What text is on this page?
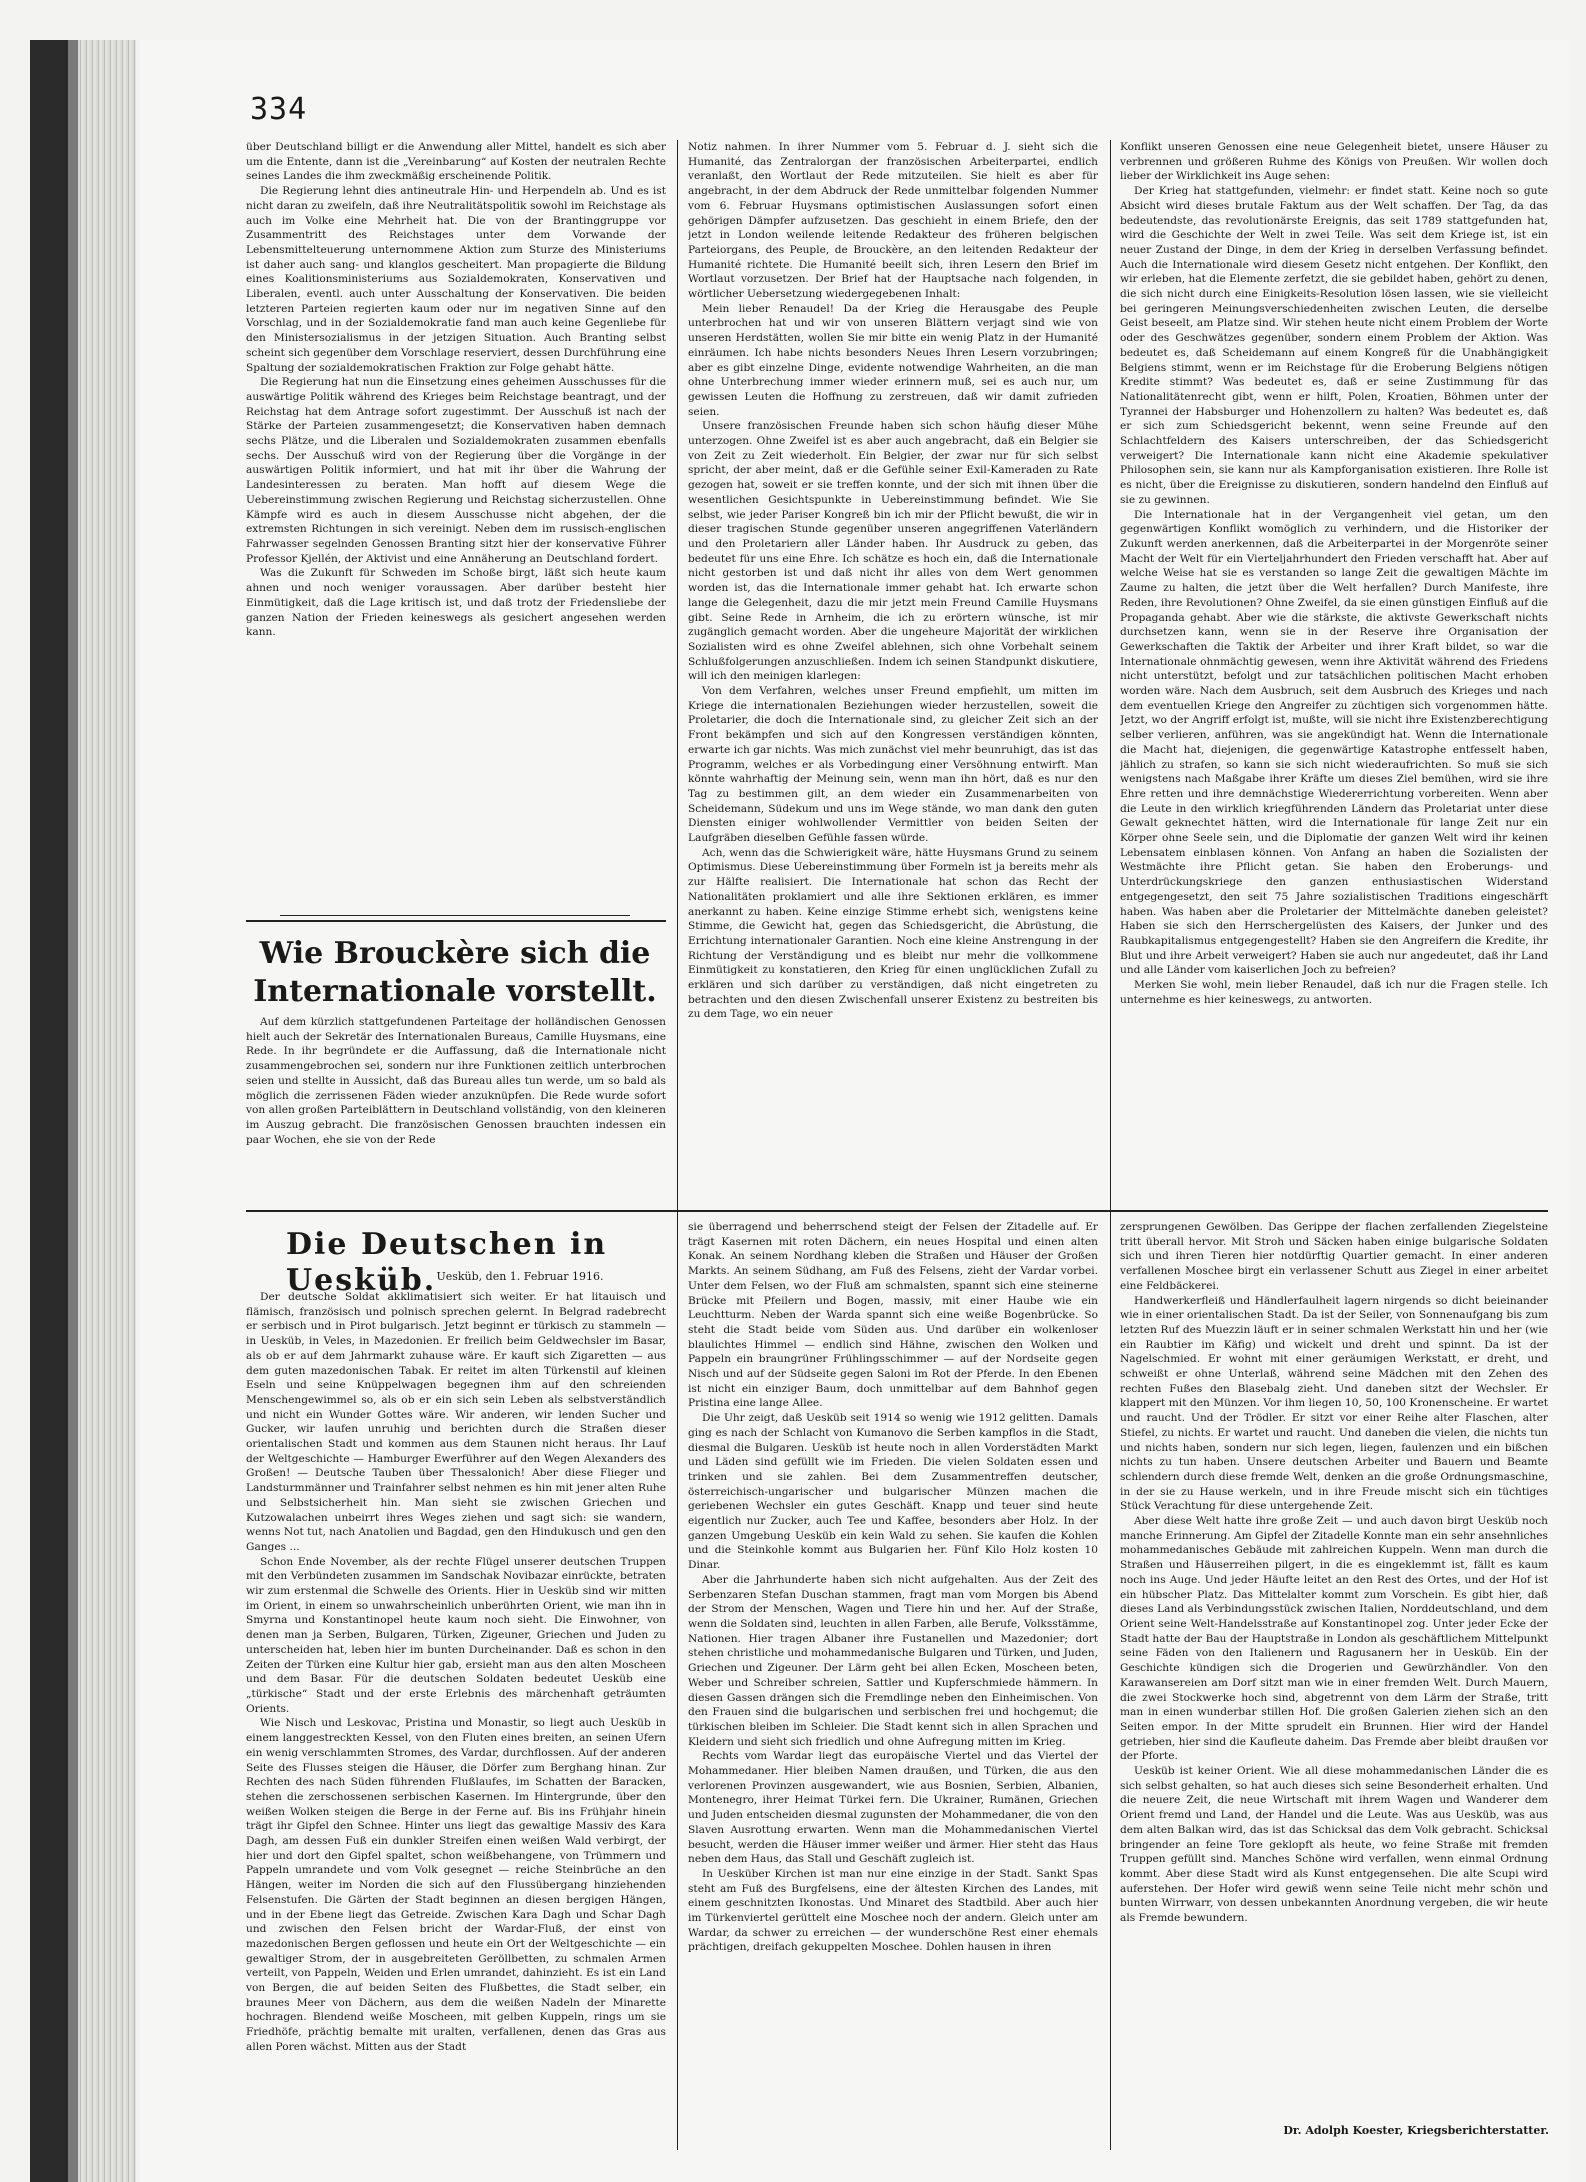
334

über Deutschland billigt er die Anwendung aller Mittel, handelt es sich aber um die Entente, dann ist die „Vereinbarung“ auf Kosten der neutralen Rechte seines Landes die ihm zweckmäßig erscheinende Politik.

Die Regierung lehnt dies antineutrale Hin- und Herpendeln ab. Und es ist nicht daran zu zweifeln, daß ihre Neutralitätspolitik sowohl im Reichstage als auch im Volke eine Mehrheit hat. Die von der Brantinggruppe vor Zusammentritt des Reichstages unter dem Vorwande der Lebensmittelteuerung unternommene Aktion zum Sturze des Ministeriums ist daher auch sang- und klanglos gescheitert. Man propagierte die Bildung eines Koalitionsministeriums aus Sozialdemokraten, Konservativen und Liberalen, eventl. auch unter Ausschaltung der Konservativen. Die beiden letzteren Parteien regierten kaum oder nur im negativen Sinne auf den Vorschlag, und in der Sozialdemokratie fand man auch keine Gegenliebe für den Ministersozialismus in der jetzigen Situation. Auch Branting selbst scheint sich gegenüber dem Vorschlage reserviert, dessen Durchführung eine Spaltung der sozialdemokratischen Fraktion zur Folge gehabt hätte.

Die Regierung hat nun die Einsetzung eines geheimen Ausschusses für die auswärtige Politik während des Krieges beim Reichstage beantragt, und der Reichstag hat dem Antrage sofort zugestimmt. Der Ausschuß ist nach der Stärke der Parteien zusammengesetzt; die Konservativen haben demnach sechs Plätze, und die Liberalen und Sozialdemokraten zusammen ebenfalls sechs. Der Ausschuß wird von der Regierung über die Vorgänge in der auswärtigen Politik informiert, und hat mit ihr über die Wahrung der Landesinteressen zu beraten. Man hofft auf diesem Wege die Uebereinstimmung zwischen Regierung und Reichstag sicherzustellen. Ohne Kämpfe wird es auch in diesem Ausschusse nicht abgehen, der die extremsten Richtungen in sich vereinigt. Neben dem im russisch-englischen Fahrwasser segelnden Genossen Branting sitzt hier der konservative Führer Professor Kjellén, der Aktivist und eine Annäherung an Deutschland fordert.

Was die Zukunft für Schweden im Schoße birgt, läßt sich heute kaum ahnen und noch weniger voraussagen. Aber darüber besteht hier Einmütigkeit, daß die Lage kritisch ist, und daß trotz der Friedensliebe der ganzen Nation der Frieden keineswegs als gesichert angesehen werden kann.

Wie Brouckère sich die Internationale vorstellt.

Auf dem kürzlich stattgefundenen Parteitage der holländischen Genossen hielt auch der Sekretär des Internationalen Bureaus, Camille Huysmans, eine Rede. In ihr begründete er die Auffassung, daß die Internationale nicht zusammengebrochen sei, sondern nur ihre Funktionen zeitlich unterbrochen seien und stellte in Aussicht, daß das Bureau alles tun werde, um so bald als möglich die zerrissenen Fäden wieder anzuknüpfen. Die Rede wurde sofort von allen großen Parteiblättern in Deutschland vollständig, von den kleineren im Auszug gebracht. Die französischen Genossen brauchten indessen ein paar Wochen, ehe sie von der Rede

Notiz nahmen. In ihrer Nummer vom 5. Februar d. J. sieht sich die Humanité, das Zentralorgan der französischen Arbeiterpartei, endlich veranlaßt, den Wortlaut der Rede mitzuteilen. Sie hielt es aber für angebracht, in der dem Abdruck der Rede unmittelbar folgenden Nummer vom 6. Februar Huysmans optimistischen Auslassungen sofort einen gehörigen Dämpfer aufzusetzen. Das geschieht in einem Briefe, den der jetzt in London weilende leitende Redakteur des früheren belgischen Parteiorgans, des Peuple, de Brouckère, an den leitenden Redakteur der Humanité richtete. Die Humanité beeilt sich, ihren Lesern den Brief im Wortlaut vorzusetzen. Der Brief hat der Hauptsache nach folgenden, in wörtlicher Uebersetzung wiedergegebenen Inhalt:

Mein lieber Renaudel! Da der Krieg die Herausgabe des Peuple unterbrochen hat und wir von unseren Blättern verjagt sind wie von unseren Herdstätten, wollen Sie mir bitte ein wenig Platz in der Humanité einräumen. Ich habe nichts besonders Neues Ihren Lesern vorzubringen; aber es gibt einzelne Dinge, evidente notwendige Wahrheiten, an die man ohne Unterbrechung immer wieder erinnern muß, sei es auch nur, um gewissen Leuten die Hoffnung zu zerstreuen, daß wir damit zufrieden seien.

Unsere französischen Freunde haben sich schon häufig dieser Mühe unterzogen. Ohne Zweifel ist es aber auch angebracht, daß ein Belgier sie von Zeit zu Zeit wiederholt. Ein Belgier, der zwar nur für sich selbst spricht, der aber meint, daß er die Gefühle seiner Exil-Kameraden zu Rate gezogen hat, soweit er sie treffen konnte, und der sich mit ihnen über die wesentlichen Gesichtspunkte in Uebereinstimmung befindet. Wie Sie selbst, wie jeder Pariser Kongreß bin ich mir der Pflicht bewußt, die wir in dieser tragischen Stunde gegenüber unseren angegriffenen Vaterländern und den Proletariern aller Länder haben. Ihr Ausdruck zu geben, das bedeutet für uns eine Ehre. Ich schätze es hoch ein, daß die Internationale nicht gestorben ist und daß nicht ihr alles von dem Wert genommen worden ist, das die Internationale immer gehabt hat. Ich erwarte schon lange die Gelegenheit, dazu die mir jetzt mein Freund Camille Huysmans gibt. Seine Rede in Arnheim, die ich zu erörtern wünsche, ist mir zugänglich gemacht worden. Aber die ungeheure Majorität der wirklichen Sozialisten wird es ohne Zweifel ablehnen, sich ohne Vorbehalt seinem Schlußfolgerungen anzuschließen. Indem ich seinen Standpunkt diskutiere, will ich den meinigen klarlegen:

Von dem Verfahren, welches unser Freund empfiehlt, um mitten im Kriege die internationalen Beziehungen wieder herzustellen, soweit die Proletarier, die doch die Internationale sind, zu gleicher Zeit sich an der Front bekämpfen und sich auf den Kongressen verständigen könnten, erwarte ich gar nichts. Was mich zunächst viel mehr beunruhigt, das ist das Programm, welches er als Vorbedingung einer Versöhnung entwirft. Man könnte wahrhaftig der Meinung sein, wenn man ihn hört, daß es nur den Tag zu bestimmen gilt, an dem wieder ein Zusammenarbeiten von Scheidemann, Südekum und uns im Wege stände, wo man dank den guten Diensten einiger wohlwollender Vermittler von beiden Seiten der Laufgräben dieselben Gefühle fassen würde.

Ach, wenn das die Schwierigkeit wäre, hätte Huysmans Grund zu seinem Optimismus. Diese Uebereinstimmung über Formeln ist ja bereits mehr als zur Hälfte realisiert. Die Internationale hat schon das Recht der Nationalitäten proklamiert und alle ihre Sektionen erklären, es immer anerkannt zu haben. Keine einzige Stimme erhebt sich, wenigstens keine Stimme, die Gewicht hat, gegen das Schiedsgericht, die Abrüstung, die Errichtung internationaler Garantien. Noch eine kleine Anstrengung in der Richtung der Verständigung und es bleibt nur mehr die vollkommene Einmütigkeit zu konstatieren, den Krieg für einen unglücklichen Zufall zu erklären und sich darüber zu verständigen, daß nicht eingetreten zu betrachten und den diesen Zwischenfall unserer Existenz zu bestreiten bis zu dem Tage, wo ein neuer

Konflikt unseren Genossen eine neue Gelegenheit bietet, unsere Häuser zu verbrennen und größeren Ruhme des Königs von Preußen. Wir wollen doch lieber der Wirklichkeit ins Auge sehen:

Der Krieg hat stattgefunden, vielmehr: er findet statt. Keine noch so gute Absicht wird dieses brutale Faktum aus der Welt schaffen. Der Tag, da das bedeutendste, das revolutionärste Ereignis, das seit 1789 stattgefunden hat, wird die Geschichte der Welt in zwei Teile. Was seit dem Kriege ist, ist ein neuer Zustand der Dinge, in dem der Krieg in derselben Verfassung befindet. Auch die Internationale wird diesem Gesetz nicht entgehen. Der Konflikt, den wir erleben, hat die Elemente zerfetzt, die sie gebildet haben, gehört zu denen, die sich nicht durch eine Einigkeits-Resolution lösen lassen, wie sie vielleicht bei geringeren Meinungsverschiedenheiten zwischen Leuten, die derselbe Geist beseelt, am Platze sind. Wir stehen heute nicht einem Problem der Worte oder des Geschwätzes gegenüber, sondern einem Problem der Aktion. Was bedeutet es, daß Scheidemann auf einem Kongreß für die Unabhängigkeit Belgiens stimmt, wenn er im Reichstage für die Eroberung Belgiens nötigen Kredite stimmt? Was bedeutet es, daß er seine Zustimmung für das Nationalitätenrecht gibt, wenn er hilft, Polen, Kroatien, Böhmen unter der Tyrannei der Habsburger und Hohenzollern zu halten? Was bedeutet es, daß er sich zum Schiedsgericht bekennt, wenn seine Freunde auf den Schlachtfeldern des Kaisers unterschreiben, der das Schiedsgericht verweigert? Die Internationale kann nicht eine Akademie spekulativer Philosophen sein, sie kann nur als Kampforganisation existieren. Ihre Rolle ist es nicht, über die Ereignisse zu diskutieren, sondern handelnd den Einfluß auf sie zu gewinnen.

Die Internationale hat in der Vergangenheit viel getan, um den gegenwärtigen Konflikt womöglich zu verhindern, und die Historiker der Zukunft werden anerkennen, daß die Arbeiterpartei in der Morgenröte seiner Macht der Welt für ein Vierteljahrhundert den Frieden verschafft hat. Aber auf welche Weise hat sie es verstanden so lange Zeit die gewaltigen Mächte im Zaume zu halten, die jetzt über die Welt herfallen? Durch Manifeste, ihre Reden, ihre Revolutionen? Ohne Zweifel, da sie einen günstigen Einfluß auf die Propaganda gehabt. Aber wie die stärkste, die aktivste Gewerkschaft nichts durchsetzen kann, wenn sie in der Reserve ihre Organisation der Gewerkschaften die Taktik der Arbeiter und ihrer Kraft bildet, so war die Internationale ohnmächtig gewesen, wenn ihre Aktivität während des Friedens nicht unterstützt, befolgt und zur tatsächlichen politischen Macht erhoben worden wäre. Nach dem Ausbruch, seit dem Ausbruch des Krieges und nach dem eventuellen Kriege den Angreifer zu züchtigen sich vorgenommen hätte. Jetzt, wo der Angriff erfolgt ist, mußte, will sie nicht ihre Existenzberechtigung selber verlieren, anführen, was sie angekündigt hat. Wenn die Internationale die Macht hat, diejenigen, die gegenwärtige Katastrophe entfesselt haben, jählich zu strafen, so kann sie sich nicht wiederaufrichten. So muß sie sich wenigstens nach Maßgabe ihrer Kräfte um dieses Ziel bemühen, wird sie ihre Ehre retten und ihre demnächstige Wiedererrichtung vorbereiten. Wenn aber die Leute in den wirklich kriegführenden Ländern das Proletariat unter diese Gewalt geknechtet hätten, wird die Internationale für lange Zeit nur ein Körper ohne Seele sein, und die Diplomatie der ganzen Welt wird ihr keinen Lebensatem einblasen können. Von Anfang an haben die Sozialisten der Westmächte ihre Pflicht getan. Sie haben den Eroberungs- und Unterdrückungskriege den ganzen enthusiastischen Widerstand entgegengesetzt, den seit 75 Jahre sozialistischen Traditions eingeschärft haben. Was haben aber die Proletarier der Mittelmächte daneben geleistet? Haben sie sich den Herrschergelüsten des Kaisers, der Junker und des Raubkapitalismus entgegengestellt? Haben sie den Angreifern die Kredite, ihr Blut und ihre Arbeit verweigert? Haben sie auch nur angedeutet, daß ihr Land und alle Länder vom kaiserlichen Joch zu befreien?

Merken Sie wohl, mein lieber Renaudel, daß ich nur die Fragen stelle. Ich unternehme es hier keineswegs, zu antworten.

Die Deutschen in Uesküb. Uesküb, den 1. Februar 1916.

Der deutsche Soldat akklimatisiert sich weiter. Er hat litauisch und flämisch, französisch und polnisch sprechen gelernt. In Belgrad radebrecht er serbisch und in Pirot bulgarisch. Jetzt beginnt er türkisch zu stammeln — in Uesküb, in Veles, in Mazedonien. Er freilich beim Geldwechsler im Basar, als ob er auf dem Jahrmarkt zuhause wäre. Er kauft sich Zigaretten — aus dem guten mazedonischen Tabak. Er reitet im alten Türkenstil auf kleinen Eseln und seine Knüppelwagen begegnen ihm auf den schreienden Menschengewimmel so, als ob er ein sich sein Leben als selbstverständlich und nicht ein Wunder Gottes wäre. Wir anderen, wir lenden Sucher und Gucker, wir laufen unruhig und berichten durch die Straßen dieser orientalischen Stadt und kommen aus dem Staunen nicht heraus. Ihr Lauf der Weltgeschichte — Hamburger Ewerführer auf den Wegen Alexanders des Großen! — Deutsche Tauben über Thessalonich! Aber diese Flieger und Landsturmmänner und Trainfahrer selbst nehmen es hin mit jener alten Ruhe und Selbstsicherheit hin. Man sieht sie zwischen Griechen und Kutzowalachen unbeirrt ihres Weges ziehen und sagt sich: sie wandern, wenns Not tut, nach Anatolien und Bagdad, gen den Hindukusch und gen den Ganges ...

Schon Ende November, als der rechte Flügel unserer deutschen Truppen mit den Verbündeten zusammen im Sandschak Novibazar einrückte, betraten wir zum erstenmal die Schwelle des Orients. Hier in Uesküb sind wir mitten im Orient, in einem so unwahrscheinlich unberührten Orient, wie man ihn in Smyrna und Konstantinopel heute kaum noch sieht. Die Einwohner, von denen man ja Serben, Bulgaren, Türken, Zigeuner, Griechen und Juden zu unterscheiden hat, leben hier im bunten Durcheinander. Daß es schon in den Zeiten der Türken eine Kultur hier gab, ersieht man aus den alten Moscheen und dem Basar. Für die deutschen Soldaten bedeutet Uesküb eine „türkische“ Stadt und der erste Erlebnis des märchenhaft geträumten Orients.

Wie Nisch und Leskovac, Pristina und Monastir, so liegt auch Uesküb in einem langgestreckten Kessel, von den Fluten eines breiten, an seinen Ufern ein wenig verschlammten Stromes, des Vardar, durchflossen. Auf der anderen Seite des Flusses steigen die Häuser, die Dörfer zum Berghang hinan. Zur Rechten des nach Süden führenden Flußlaufes, im Schatten der Baracken, stehen die zerschossenen serbischen Kasernen. Im Hintergrunde, über den weißen Wolken steigen die Berge in der Ferne auf. Bis ins Frühjahr hinein trägt ihr Gipfel den Schnee. Hinter uns liegt das gewaltige Massiv des Kara Dagh, am dessen Fuß ein dunkler Streifen einen weißen Wald verbirgt, der hier und dort den Gipfel spaltet, schon weißbehangene, von Trümmern und Pappeln umrandete und vom Volk gesegnet — reiche Steinbrüche an den Hängen, weiter im Norden die sich auf den Flussübergang hinziehenden Felsenstufen. Die Gärten der Stadt beginnen an diesen bergigen Hängen, und in der Ebene liegt das Getreide. Zwischen Kara Dagh und Schar Dagh und zwischen den Felsen bricht der Wardar-Fluß, der einst von mazedonischen Bergen geflossen und heute ein Ort der Weltgeschichte — ein gewaltiger Strom, der in ausgebreiteten Geröllbetten, zu schmalen Armen verteilt, von Pappeln, Weiden und Erlen umrandet, dahinzieht. Es ist ein Land von Bergen, die auf beiden Seiten des Flußbettes, die Stadt selber, ein braunes Meer von Dächern, aus dem die weißen Nadeln der Minarette hochragen. Blendend weiße Moscheen, mit gelben Kuppeln, rings um sie Friedhöfe, prächtig bemalte mit uralten, verfallenen, denen das Gras aus allen Poren wächst. Mitten aus der Stadt

sie überragend und beherrschend steigt der Felsen der Zitadelle auf. Er trägt Kasernen mit roten Dächern, ein neues Hospital und einen alten Konak. An seinem Nordhang kleben die Straßen und Häuser der Großen Markts. An seinem Südhang, am Fuß des Felsens, zieht der Vardar vorbei. Unter dem Felsen, wo der Fluß am schmalsten, spannt sich eine steinerne Brücke mit Pfeilern und Bogen, massiv, mit einer Haube wie ein Leuchtturm. Neben der Warda spannt sich eine weiße Bogenbrücke. So steht die Stadt beide vom Süden aus. Und darüber ein wolkenloser blaulichtes Himmel — endlich sind Hähne, zwischen den Wolken und Pappeln ein braungrüner Frühlingsschimmer — auf der Nordseite gegen Nisch und auf der Südseite gegen Saloni im Rot der Pferde. In den Ebenen ist nicht ein einziger Baum, doch unmittelbar auf dem Bahnhof gegen Pristina eine lange Allee.

Die Uhr zeigt, daß Uesküb seit 1914 so wenig wie 1912 gelitten. Damals ging es nach der Schlacht von Kumanovo die Serben kampflos in die Stadt, diesmal die Bulgaren. Uesküb ist heute noch in allen Vorderstädten Markt und Läden sind gefüllt wie im Frieden. Die vielen Soldaten essen und trinken und sie zahlen. Bei dem Zusammentreffen deutscher, österreichisch-ungarischer und bulgarischer Münzen machen die geriebenen Wechsler ein gutes Geschäft. Knapp und teuer sind heute eigentlich nur Zucker, auch Tee und Kaffee, besonders aber Holz. In der ganzen Umgebung Uesküb ein kein Wald zu sehen. Sie kaufen die Kohlen und die Steinkohle kommt aus Bulgarien her. Fünf Kilo Holz kosten 10 Dinar.

Aber die Jahrhunderte haben sich nicht aufgehalten. Aus der Zeit des Serbenzaren Stefan Duschan stammen, fragt man vom Morgen bis Abend der Strom der Menschen, Wagen und Tiere hin und her. Auf der Straße, wenn die Soldaten sind, leuchten in allen Farben, alle Berufe, Volksstämme, Nationen. Hier tragen Albaner ihre Fustanellen und Mazedonier; dort stehen christliche und mohammedanische Bulgaren und Türken, und Juden, Griechen und Zigeuner. Der Lärm geht bei allen Ecken, Moscheen beten, Weber und Schreiber schreien, Sattler und Kupferschmiede hämmern. In diesen Gassen drängen sich die Fremdlinge neben den Einheimischen. Von den Frauen sind die bulgarischen und serbischen frei und hochgemut; die türkischen bleiben im Schleier. Die Stadt kennt sich in allen Sprachen und Kleidern und sieht sich friedlich und ohne Aufregung mitten im Krieg.

Rechts vom Wardar liegt das europäische Viertel und das Viertel der Mohammedaner. Hier bleiben Namen draußen, und Türken, die aus den verlorenen Provinzen ausgewandert, wie aus Bosnien, Serbien, Albanien, Montenegro, ihrer Heimat Türkei fern. Die Ukrainer, Rumänen, Griechen und Juden entscheiden diesmal zugunsten der Mohammedaner, die von den Slaven Ausrottung erwarten. Wenn man die Mohammedanischen Viertel besucht, werden die Häuser immer weißer und ärmer. Hier steht das Haus neben dem Haus, das Stall und Geschäft zugleich ist.

In Uesküber Kirchen ist man nur eine einzige in der Stadt. Sankt Spas steht am Fuß des Burgfelsens, eine der ältesten Kirchen des Landes, mit einem geschnitzten Ikonostas. Und Minaret des Stadtbild. Aber auch hier im Türkenviertel gerüttelt eine Moschee noch der andern. Gleich unter am Wardar, da schwer zu erreichen — der wunderschöne Rest einer ehemals prächtigen, dreifach gekuppelten Moschee. Dohlen hausen in ihren

zersprungenen Gewölben. Das Gerippe der flachen zerfallenden Ziegelsteine tritt überall hervor. Mit Stroh und Säcken haben einige bulgarische Soldaten sich und ihren Tieren hier notdürftig Quartier gemacht. In einer anderen verfallenen Moschee birgt ein verlassener Schutt aus Ziegel in einer arbeitet eine Feldbäckerei.

Handwerkerfleiß und Händlerfaulheit lagern nirgends so dicht beieinander wie in einer orientalischen Stadt. Da ist der Seiler, von Sonnenaufgang bis zum letzten Ruf des Muezzin läuft er in seiner schmalen Werkstatt hin und her (wie ein Raubtier im Käfig) und wickelt und dreht und spinnt. Da ist der Nagelschmied. Er wohnt mit einer geräumigen Werkstatt, er dreht, und schweißt er ohne Unterlaß, während seine Mädchen mit den Zehen des rechten Fußes den Blasebalg zieht. Und daneben sitzt der Wechsler. Er klappert mit den Münzen. Vor ihm liegen 10, 50, 100 Kronenscheine. Er wartet und raucht. Und der Trödler. Er sitzt vor einer Reihe alter Flaschen, alter Stiefel, zu nichts. Er wartet und raucht. Und daneben die vielen, die nichts tun und nichts haben, sondern nur sich legen, liegen, faulenzen und ein bißchen nichts zu tun haben. Unsere deutschen Arbeiter und Bauern und Beamte schlendern durch diese fremde Welt, denken an die große Ordnungsmaschine, in der sie zu Hause werkeln, und in ihre Freude mischt sich ein tüchtiges Stück Verachtung für diese untergehende Zeit.

Aber diese Welt hatte ihre große Zeit — und auch davon birgt Uesküb noch manche Erinnerung. Am Gipfel der Zitadelle Konnte man ein sehr ansehnliches mohammedanisches Gebäude mit zahlreichen Kuppeln. Wenn man durch die Straßen und Häuserreihen pilgert, in die es eingeklemmt ist, fällt es kaum noch ins Auge. Und jeder Häufte leitet an den Rest des Ortes, und der Hof ist ein hübscher Platz. Das Mittelalter kommt zum Vorschein. Es gibt hier, daß dieses Land als Verbindungsstück zwischen Italien, Norddeutschland, und dem Orient seine Welt-Handelsstraße auf Konstantinopel zog. Unter jeder Ecke der Stadt hatte der Bau der Hauptstraße in London als geschäftlichem Mittelpunkt seine Fäden von den Italienern und Ragusanern her in Uesküb. Ein der Geschichte kündigen sich die Drogerien und Gewürzhändler. Von den Karawansereien am Dorf sitzt man wie in einer fremden Welt. Durch Mauern, die zwei Stockwerke hoch sind, abgetrennt von dem Lärm der Straße, tritt man in einen wunderbar stillen Hof. Die großen Galerien ziehen sich an den Seiten empor. In der Mitte sprudelt ein Brunnen. Hier wird der Handel getrieben, hier sind die Kaufleute daheim. Das Fremde aber bleibt draußen vor der Pforte.

Uesküb ist keiner Orient. Wie all diese mohammedanischen Länder die es sich selbst gehalten, so hat auch dieses sich seine Besonderheit erhalten. Und die neuere Zeit, die neue Wirtschaft mit ihrem Wagen und Wanderer dem Orient fremd und Land, der Handel und die Leute. Was aus Uesküb, was aus dem alten Balkan wird, das ist das Schicksal das dem Volk gebracht. Schicksal bringender an feine Tore geklopft als heute, wo feine Straße mit fremden Truppen gefüllt sind. Manches Schöne wird verfallen, wenn einmal Ordnung kommt. Aber diese Stadt wird als Kunst entgegensehen. Die alte Scupi wird auferstehen. Der Hofer wird gewiß wenn seine Teile nicht mehr schön und bunten Wirrwarr, von dessen unbekannten Anordnung vergeben, die wir heute als Fremde bewundern.

Dr. Adolph Koester, Kriegsberichterstatter.
